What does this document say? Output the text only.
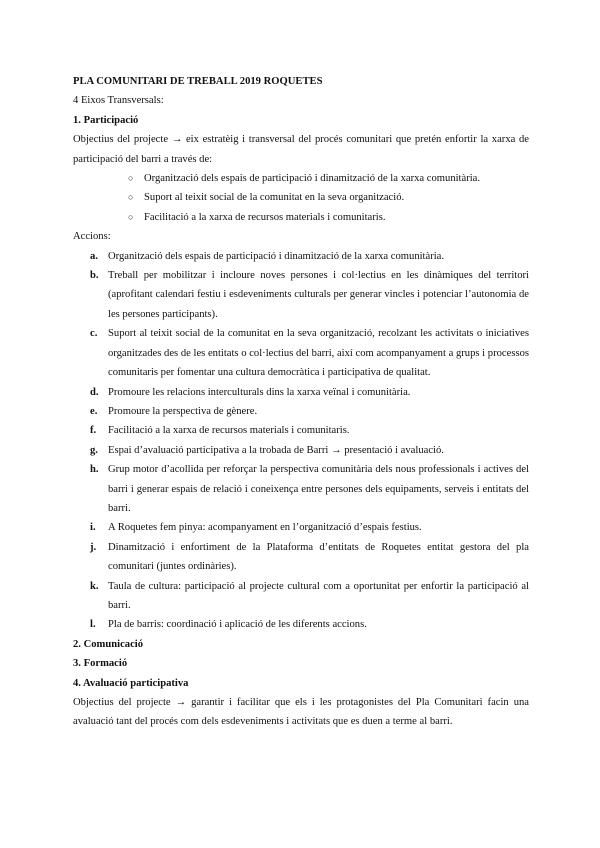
PLA COMUNITARI DE TREBALL 2019 ROQUETES

4 Eixos Transversals:

1. Participació

Objectius del projecte → eix estratèig i transversal del procés comunitari que pretén enfortir la xarxa de participació del barri a través de:

○ Organització dels espais de participació i dinamització de la xarxa comunitària.
○ Suport al teixit social de la comunitat en la seva organització.
○ Facilitació a la xarxa de recursos materials i comunitaris.

Accions:

a. Organització dels espais de participació i dinamització de la xarxa comunitària.
b. Treball per mobilitzar i incloure noves persones i col·lectius en les dinàmiques del territori (aprofitant calendari festiu i esdeveniments culturals per generar vincles i potenciar l’autonomia de les persones participants).
c. Suport al teixit social de la comunitat en la seva organització, recolzant les activitats o iniciatives organitzades des de les entitats o col·lectius del barri, així com acompanyament a grups i processos comunitaris per fomentar una cultura democràtica i participativa de qualitat.
d. Promoure les relacions interculturals dins la xarxa veïnal i comunitària.
e. Promoure la perspectiva de gènere.
f. Facilitació a la xarxa de recursos materials i comunitaris.
g. Espai d’avaluació participativa a la trobada de Barri → presentació i avaluació.
h. Grup motor d’acollida per reforçar la perspectiva comunitària dels nous professionals i actives del barri i generar espais de relació i coneixença entre persones dels equipaments, serveis i entitats del barri.
i. A Roquetes fem pinya: acompanyament en l’organització d’espais festius.
j. Dinamització i enfortiment de la Plataforma d’entitats de Roquetes entitat gestora del pla comunitari (juntes ordinàries).
k. Taula de cultura: participació al projecte cultural com a oportunitat per enfortir la participació al barri.
l. Pla de barris: coordinació i aplicació de les diferents accions.

2. Comunicació

3. Formació

4. Avaluació participativa

Objectius del projecte → garantir i facilitar que els i les protagonistes del Pla Comunitari facin una avaluació tant del procés com dels esdeveniments i activitats que es duen a terme al barri.
